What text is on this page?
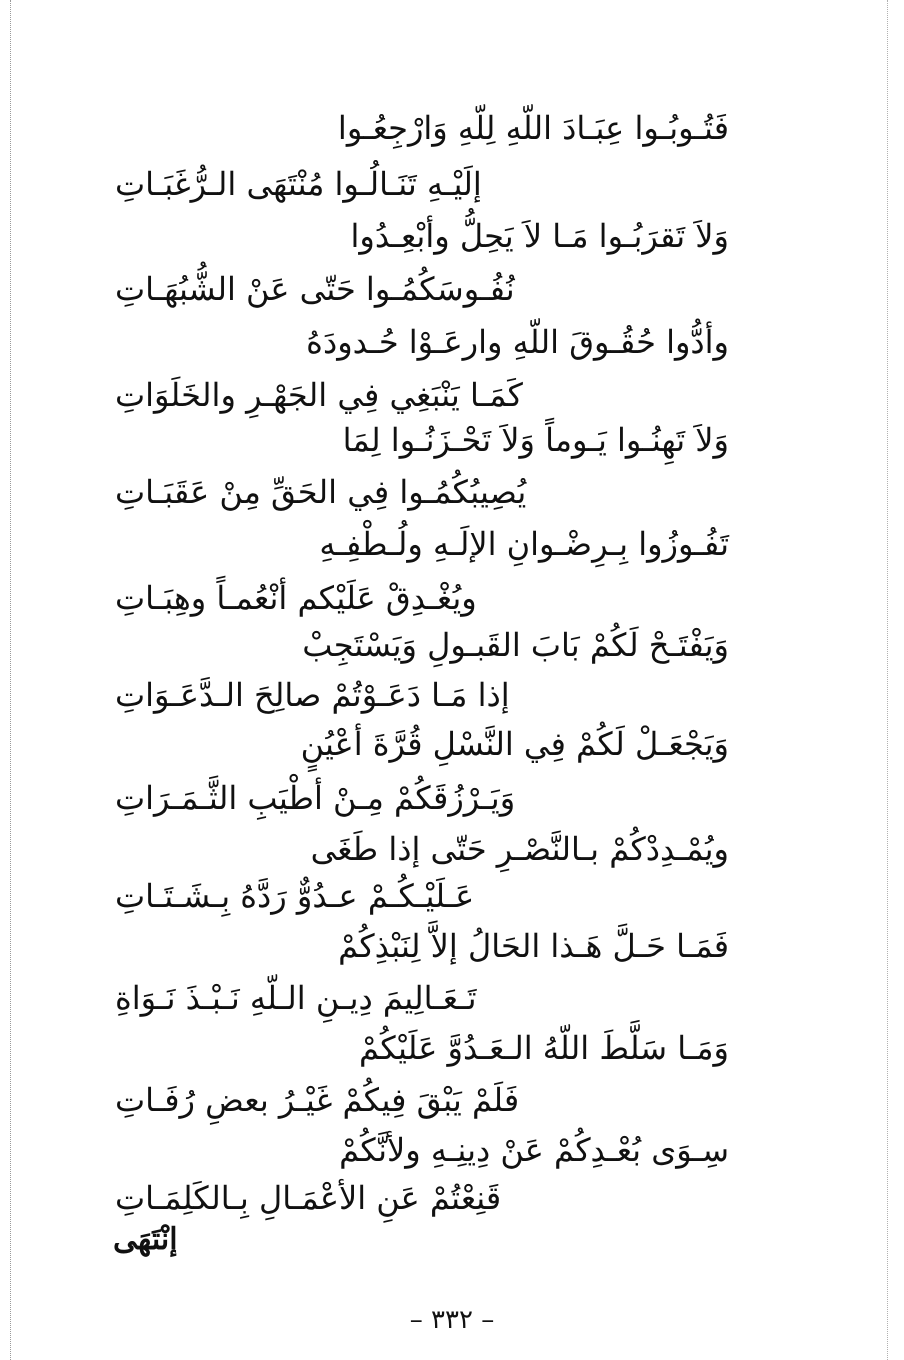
فَتُـوبُـوا عِبَـادَ اللّهِ لِلّهِ وَارْجِعُـوا
إلَيْـهِ تَنَـالُـوا مُنْتَهَى الـرُّغَبَـاتِ
وَلاَ تَقرَبُـوا مَـا لاَ يَحِلُّ وأبْعِـدُوا
نُفُـوسَكُمُـوا حَتّى عَنْ الشُّبُهَـاتِ
وأدُّوا حُقُـوقَ اللّهِ وارعَـوْا حُـدودَهُ
كَمَـا يَنْبَغِي فِي الجَهْـرِ والخَلَوَاتِ
وَلاَ تَهِنُـوا يَـوماً وَلاَ تَحْـزَنُـوا لِمَا
يُصِيبُكُمُـوا فِي الحَقِّ مِنْ عَقَبَـاتِ
تَفُـوزُوا بِـرِضْـوانِ الإلَـهِ ولُـطْفِـهِ
ويُغْـدِقْ عَلَيْكم أنْعُمـاً وهِبَـاتِ
وَيَفْتَـحْ لَكُمْ بَابَ القَبـولِ وَيَسْتَجِبْ
إذا مَـا دَعَـوْتُمْ صالِحَ الـدَّعَـوَاتِ
وَيَجْعَـلْ لَكُمْ فِي النَّسْلِ قُرَّةَ أعْيُنٍ
وَيَـرْزُقَكُمْ مِـنْ أطْيَبِ الثَّـمَـرَاتِ
ويُمْـدِدْكُمْ بـالنَّصْـرِ حَتّى إذا طَغَى
عَـلَيْـكُـمْ عـدُوٌّ رَدَّهُ بِـشَـتَـاتِ
فَمَـا حَـلَّ هَـذا الحَالُ إلاَّ لِنَبْذِكُمْ
تَـعَـالِيمَ دِيـنِ الـلّهِ نَـبْـذَ نَـوَاةِ
وَمَـا سَلَّطَ اللّهُ الـعَـدُوَّ عَلَيْكُمْ
فَلَمْ يَبْقَ فِيكُمْ غَيْـرُ بعضِ رُفَـاتِ
سِـوَى بُعْـدِكُمْ عَنْ دِينِـهِ ولأنَّكُمْ
قَنِعْتُمْ عَنِ الأعْمَـالِ بِـالكَلِمَـاتِ
إنْتَهَى
– ٣٣٢ –
